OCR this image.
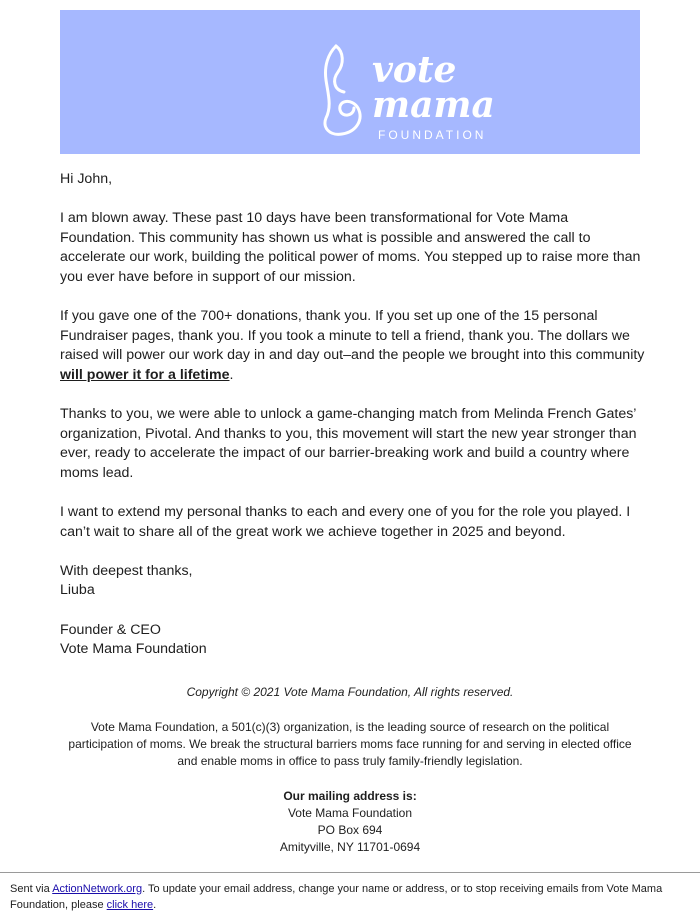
vote
mama
FOUNDATION

Hi John,

I am blown away. These past 10 days have been transformational for Vote Mama Foundation. This community has shown us what is possible and answered the call to accelerate our work, building the political power of moms. You stepped up to raise more than you ever have before in support of our mission.

If you gave one of the 700+ donations, thank you. If you set up one of the 15 personal Fundraiser pages, thank you. If you took a minute to tell a friend, thank you. The dollars we raised will power our work day in and day out–and the people we brought into this community will power it for a lifetime.

Thanks to you, we were able to unlock a game-changing match from Melinda French Gates’ organization, Pivotal. And thanks to you, this movement will start the new year stronger than ever, ready to accelerate the impact of our barrier-breaking work and build a country where moms lead.

I want to extend my personal thanks to each and every one of you for the role you played. I can’t wait to share all of the great work we achieve together in 2025 and beyond.

With deepest thanks,
Liuba

Founder & CEO
Vote Mama Foundation

Copyright © 2021 Vote Mama Foundation, All rights reserved.
Vote Mama Foundation, a 501(c)(3) organization, is the leading source of research on the political participation of moms. We break the structural barriers moms face running for and serving in elected office and enable moms in office to pass truly family-friendly legislation.
Our mailing address is:
Vote Mama Foundation
PO Box 694
Amityville, NY 11701-0694
Sent via ActionNetwork.org. To update your email address, change your name or address, or to stop receiving emails from Vote Mama Foundation, please click here.
